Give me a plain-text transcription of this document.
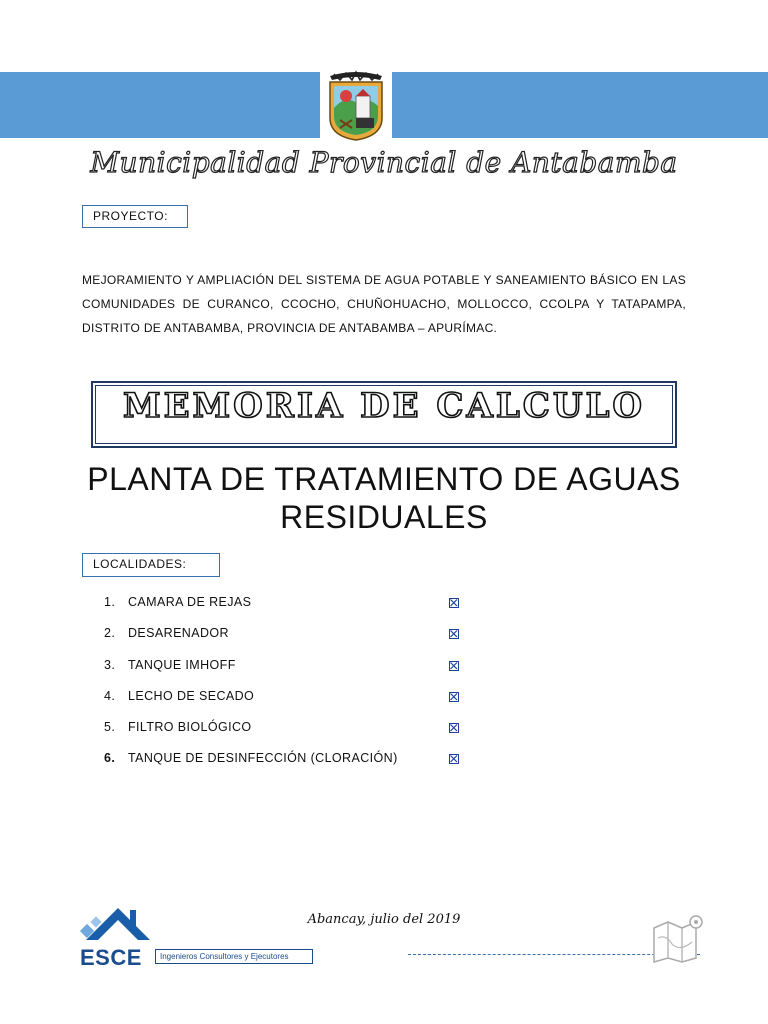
Municipalidad Provincial de Antabamba
PROYECTO:
MEJORAMIENTO Y AMPLIACIÓN DEL SISTEMA DE AGUA POTABLE Y SANEAMIENTO BÁSICO EN LAS COMUNIDADES DE CURANCO, CCOCHO, CHUÑOHUACHO, MOLLOCCO, CCOLPA Y TATAPAMPA, DISTRITO DE ANTABAMBA, PROVINCIA DE ANTABAMBA – APURÍMAC.
MEMORIA DE CALCULO
PLANTA DE TRATAMIENTO DE AGUAS
RESIDUALES
LOCALIDADES:
1. CAMARA DE REJAS
2. DESARENADOR
3. TANQUE IMHOFF
4. LECHO DE SECADO
5. FILTRO BIOLÓGICO
6. TANQUE DE DESINFECCIÓN (CLORACIÓN)
Abancay, julio del 2019
ESCE	Ingenieros Consultores y Ejecutores
